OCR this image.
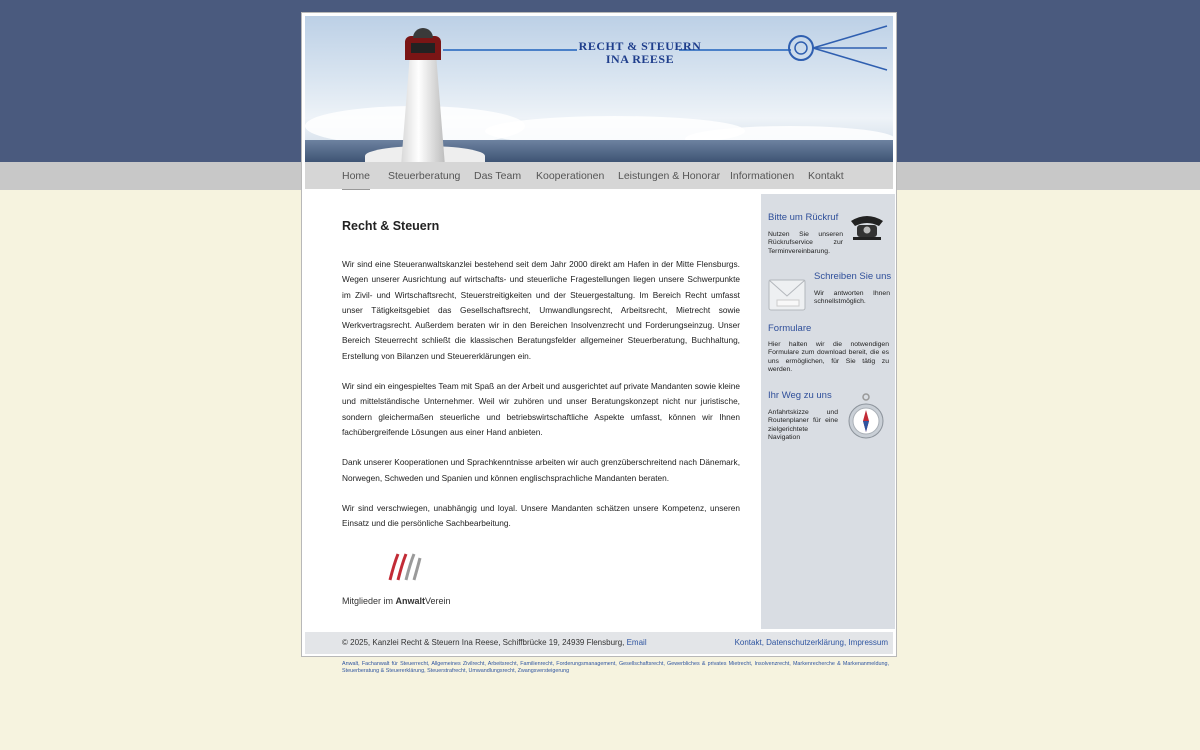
RECHT & STEUERN
INA REESE
Home Steuerberatung Das Team Kooperationen Leistungen & Honorar Informationen Kontakt
Recht & Steuern

Wir sind eine Steueranwaltskanzlei bestehend seit dem Jahr 2000 direkt am Hafen in der Mitte Flensburgs. Wegen unserer Ausrichtung auf wirtschafts- und steuerliche Fragestellungen liegen unsere Schwerpunkte im Zivil- und Wirtschaftsrecht, Steuerstreitigkeiten und der Steuergestaltung. Im Bereich Recht umfasst unser Tätigkeitsgebiet das Gesellschaftsrecht, Umwandlungsrecht, Arbeitsrecht, Mietrecht sowie Werkvertragsrecht. Außerdem beraten wir in den Bereichen Insolvenzrecht und Forderungseinzug. Unser Bereich Steuerrecht schließt die klassischen Beratungsfelder allgemeiner Steuerberatung, Buchhaltung, Erstellung von Bilanzen und Steuererklärungen ein.

Wir sind ein eingespieltes Team mit Spaß an der Arbeit und ausgerichtet auf private Mandanten sowie kleine und mittelständische Unternehmer. Weil wir zuhören und unser Beratungskonzept nicht nur juristische, sondern gleichermaßen steuerliche und betriebswirtschaftliche Aspekte umfasst, können wir Ihnen fachübergreifende Lösungen aus einer Hand anbieten.

Dank unserer Kooperationen und Sprachkenntnisse arbeiten wir auch grenzüberschreitend nach Dänemark, Norwegen, Schweden und Spanien und können englischsprachliche Mandanten beraten.

Wir sind verschwiegen, unabhängig und loyal. Unsere Mandanten schätzen unsere Kompetenz, unseren Einsatz und die persönliche Sachbearbeitung.

Mitglieder im AnwaltVerein
Bitte um Rückruf
Nutzen Sie unseren Rückrufservice zur Terminvereinbarung.
Schreiben Sie uns
Wir antworten Ihnen schnellstmöglich.
Formulare
Hier halten wir die notwendigen Formulare zum download bereit, die es uns ermöglichen, für Sie tätig zu werden.
Ihr Weg zu uns
Anfahrtskizze und Routenplaner für eine zielgerichtete Navigation
© 2025, Kanzlei Recht & Steuern Ina Reese, Schiffbrücke 19, 24939 Flensburg, Email	Kontakt, Datenschutzerklärung, Impressum
Anwalt, Fachanwalt für Steuerrecht, Allgemeines Zivilrecht, Arbeitsrecht, Familienrecht, Forderungsmanagement, Gesellschaftsrecht, Gewerbliches & privates Mietrecht, Insolvenzrecht, Markenrecherche & Markenanmeldung, Steuerberatung & Steuererklärung, Steuerstrafrecht, Umwandlungsrecht, Zwangsversteigerung
